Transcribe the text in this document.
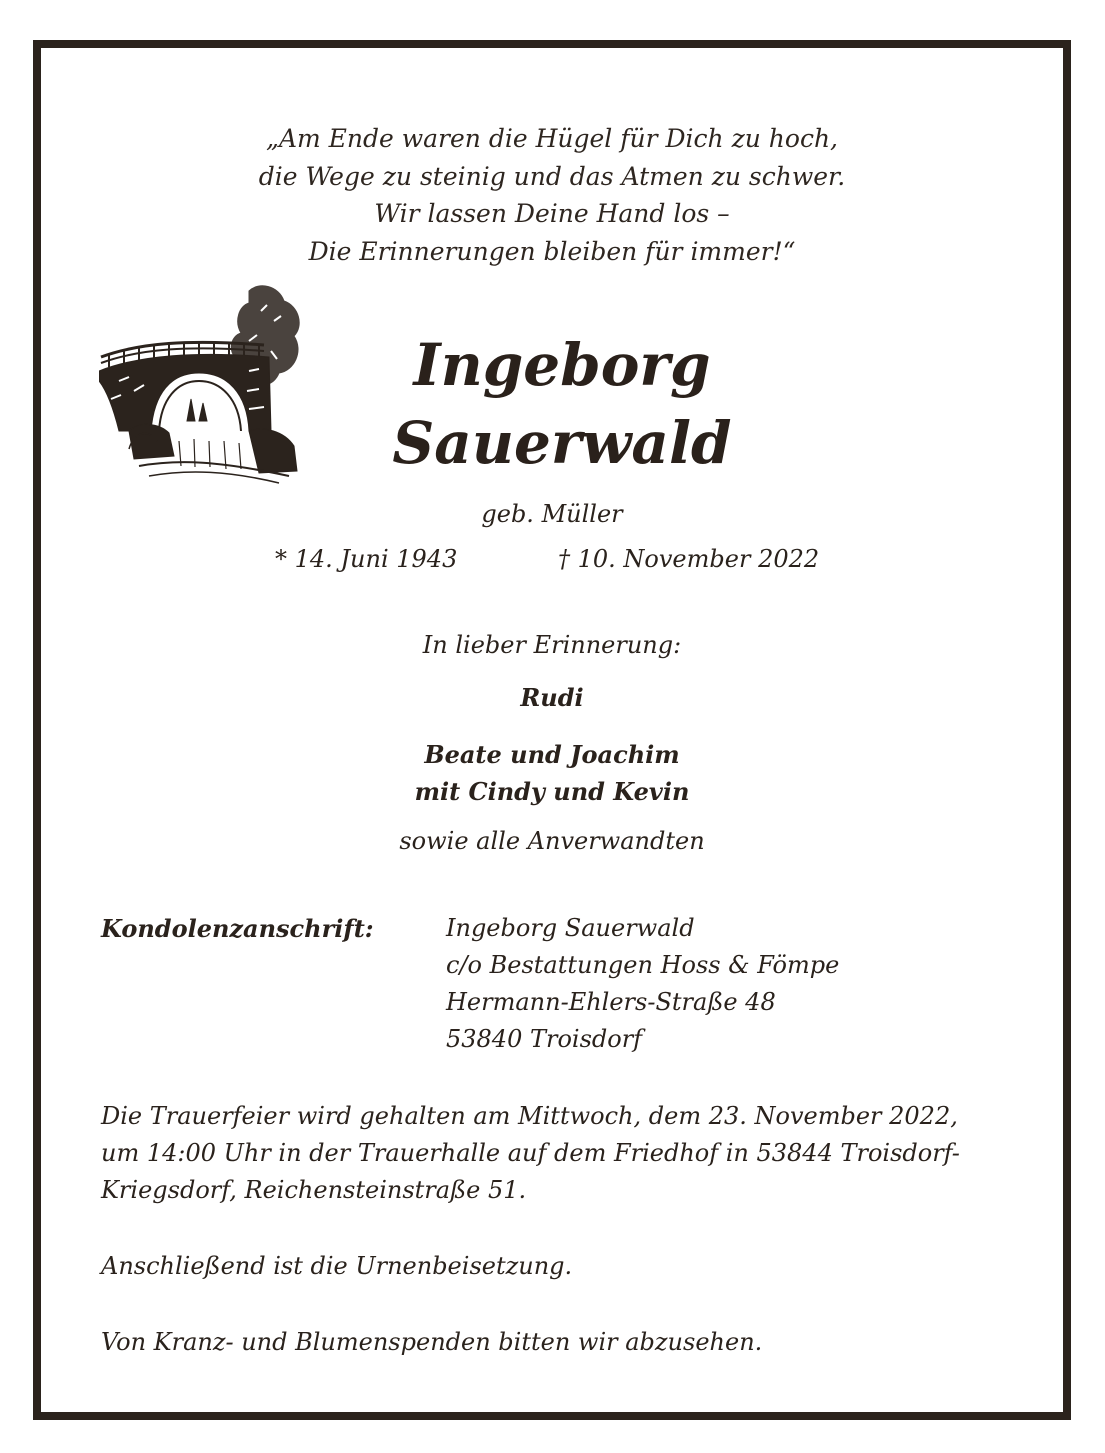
„Am Ende waren die Hügel für Dich zu hoch,
die Wege zu steinig und das Atmen zu schwer.
Wir lassen Deine Hand los –
Die Erinnerungen bleiben für immer!“
Ingeborg
Sauerwald
geb. Müller
* 14. Juni 1943	† 10. November 2022
In lieber Erinnerung:
Rudi
Beate und Joachim
mit Cindy und Kevin
sowie alle Anverwandten
Kondolenzanschrift:	Ingeborg Sauerwald
c/o Bestattungen Hoss & Fömpe
Hermann-Ehlers-Straße 48
53840 Troisdorf
Die Trauerfeier wird gehalten am Mittwoch, dem 23. November 2022,
um 14:00 Uhr in der Trauerhalle auf dem Friedhof in 53844 Troisdorf-
Kriegsdorf, Reichensteinstraße 51.
Anschließend ist die Urnenbeisetzung.
Von Kranz- und Blumenspenden bitten wir abzusehen.
